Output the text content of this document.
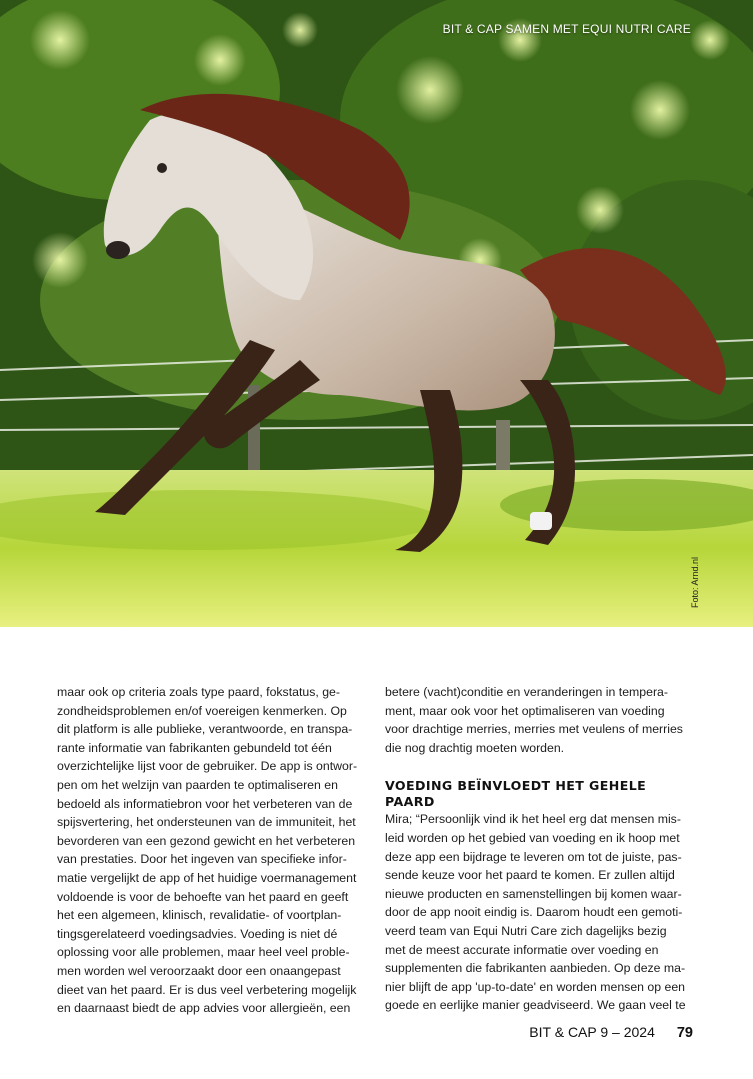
BIT & CAP SAMEN MET EQUI NUTRI CARE
Foto: Arnd.nl
maar ook op criteria zoals type paard, fokstatus, ge-
zondheidsproblemen en/of voereigen kenmerken. Op
dit platform is alle publieke, verantwoorde, en transpa-
rante informatie van fabrikanten gebundeld tot één
overzichtelijke lijst voor de gebruiker. De app is ontwor-
pen om het welzijn van paarden te optimaliseren en
bedoeld als informatiebron voor het verbeteren van de
spijsvertering, het ondersteunen van de immuniteit, het
bevorderen van een gezond gewicht en het verbeteren
van prestaties. Door het ingeven van specifieke infor-
matie vergelijkt de app of het huidige voermanagement
voldoende is voor de behoefte van het paard en geeft
het een algemeen, klinisch, revalidatie- of voortplan-
tingsgerelateerd voedingsadvies. Voeding is niet dé
oplossing voor alle problemen, maar heel veel proble-
men worden wel veroorzaakt door een onaangepast
dieet van het paard. Er is dus veel verbetering mogelijk
en daarnaast biedt de app advies voor allergieën, een
betere (vacht)conditie en veranderingen in tempera-
ment, maar ook voor het optimaliseren van voeding
voor drachtige merries, merries met veulens of merries
die nog drachtig moeten worden.
VOEDING BEÏNVLOEDT HET GEHELE PAARD
Mira; “Persoonlijk vind ik het heel erg dat mensen mis-
leid worden op het gebied van voeding en ik hoop met
deze app een bijdrage te leveren om tot de juiste, pas-
sende keuze voor het paard te komen. Er zullen altijd
nieuwe producten en samenstellingen bij komen waar-
door de app nooit eindig is. Daarom houdt een gemoti-
veerd team van Equi Nutri Care zich dagelijks bezig
met de meest accurate informatie over voeding en
supplementen die fabrikanten aanbieden. Op deze ma-
nier blijft de app 'up-to-date' en worden mensen op een
goede en eerlijke manier geadviseerd. We gaan veel te
BIT & CAP 9 – 2024 79
